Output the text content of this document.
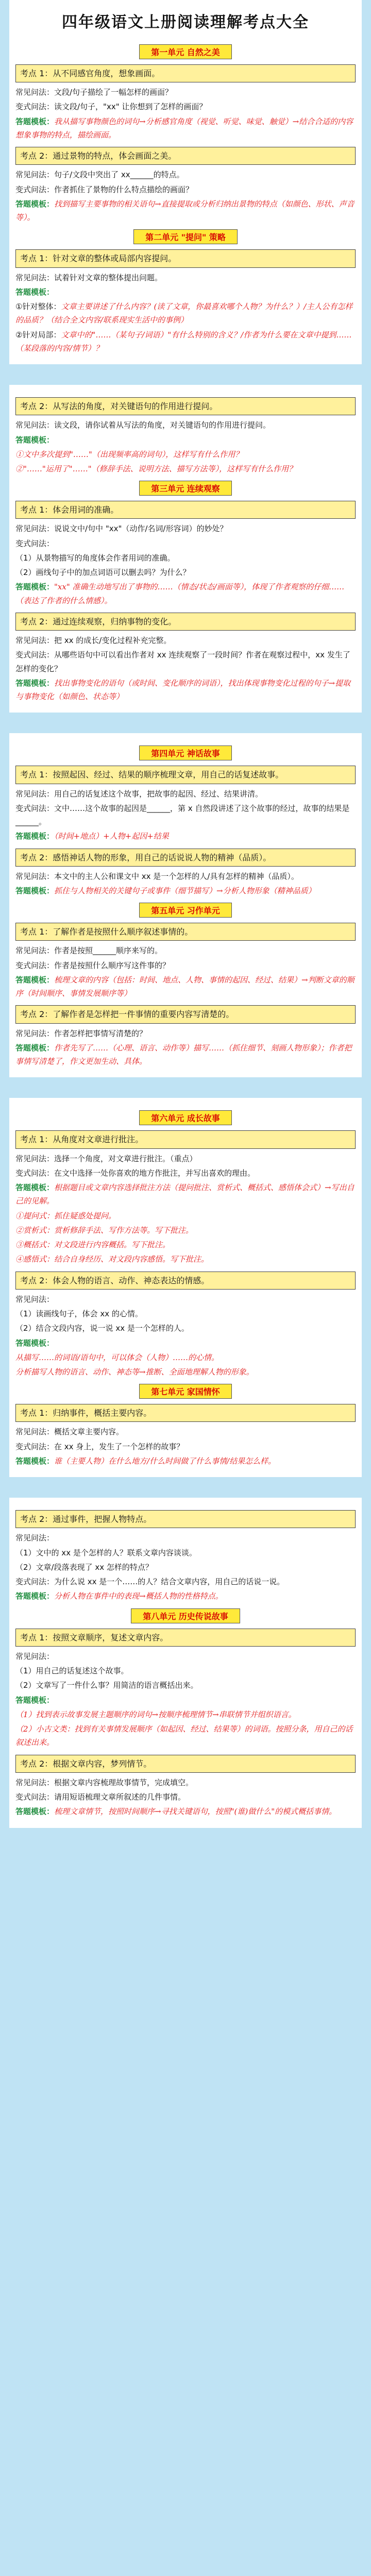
四年级语文上册阅读理解考点大全
第一单元 自然之美
考点 1：从不同感官角度，想象画面。
常见问法：文段/句子描绘了一幅怎样的画面？
变式问法：读文段/句子，"xx" 让你想到了怎样的画面？
答题模板：我从描写事物颜色的词句→分析感官角度（视觉、听觉、味觉、触觉）→结合合适的内容想象事物的特点，描绘画面。
考点 2：通过景物的特点，体会画面之美。
常见问法：句子/文段中突出了 xx______的特点。
变式问法：作者抓住了景物的什么特点描绘的画面？
答题模板：找到描写主要事物的相关语句→直接提取或分析归纳出景物的特点（如颜色、形状、声音等）。
第二单元 "提问" 策略
考点 1：针对文章的整体或局部内容提问。
常见问法：试着针对文章的整体提出问题。
答题模板：
①针对整体：文章主要讲述了什么内容？(读了文章，你最喜欢哪个人物？为什么？）/主人公有怎样的品质？（结合全文内容/联系现实生活中的事例）
②针对局部：文章中的"……（某句子/词语）"有什么特别的含义？/作者为什么要在文章中提到……（某段落的内容/情节）？
考点 2：从写法的角度，对关键语句的作用进行提问。
常见问法：读文段，请你试着从写法的角度，对关键语句的作用进行提问。
答题模板：
①文中多次提到"……"（出现频率高的词句），这样写有什么作用？
②"……"运用了"……"（修辞手法、说明方法、描写方法等），这样写有什么作用？
第三单元 连续观察
考点 1：体会用词的准确。
常见问法：说说文中/句中 "xx"（动作/名词/形容词）的妙处？
变式问法：
（1）从景物描写的角度体会作者用词的准确。
（2）画线句子中的加点词语可以删去吗？为什么？
答题模板："xx" 准确生动地写出了事物的……（情态/状态/画面等），体现了作者观察的仔细……（表达了作者的什么情感）。
考点 2：通过连续观察，归纳事物的变化。
常见问法：把 xx 的成长/变化过程补充完整。
变式问法：从哪些语句中可以看出作者对 xx 连续观察了一段时间？作者在观察过程中，xx 发生了怎样的变化？
答题模板：找出事物变化的语句（或时间、变化顺序的词语），找出体现事物变化过程的句子→提取与事物变化（如颜色、状态等）
第四单元 神话故事
考点 1：按照起因、经过、结果的顺序梳理文章，用自己的话复述故事。
常见问法：用自己的话复述这个故事，把故事的起因、经过、结果讲清。
变式问法：文中……这个故事的起因是______，第 x 自然段讲述了这个故事的经过，故事的结果是______。
答题模板：（时间+地点）+人物+起因+结果
考点 2：感悟神话人物的形象，用自己的话说说人物的精神（品质）。
常见问法：本文中的主人公和课文中 xx 是一个怎样的人/具有怎样的精神（品质）。
答题模板：抓住与人物相关的关键句子或事件（细节描写）→分析人物形象（精神品质）
第五单元 习作单元
考点 1：了解作者是按照什么顺序叙述事情的。
常见问法：作者是按照______顺序来写的。
变式问法：作者是按照什么顺序写这件事的？
答题模板：梳理文章的内容（包括：时间、地点、人物、事情的起因、经过、结果）→判断文章的顺序（时间顺序、事情发展顺序等）
考点 2：了解作者是怎样把一件事情的重要内容写清楚的。
常见问法：作者怎样把事情写清楚的？
答题模板：作者先写了……（心理、语言、动作等）描写……（抓住细节、刻画人物形象）；作者把事情写清楚了，作文更加生动、具体。
第六单元 成长故事
考点 1：从角度对文章进行批注。
常见问法：选择一个角度，对文章进行批注。（重点）
变式问法：在文中选择一处你喜欢的地方作批注，并写出喜欢的理由。
答题模板：根据题目或文章内容选择批注方法（提问批注、赏析式、概括式、感悟体会式）→写出自己的见解。
①提问式：抓住疑惑处提问。
②赏析式：赏析修辞手法、写作方法等。写下批注。
③概括式：对文段进行内容概括。写下批注。
④感悟式：结合自身经历、对文段内容感悟。写下批注。
考点 2：体会人物的语言、动作、神态表达的情感。
常见问法：
（1）读画线句子，体会 xx 的心情。
（2）结合文段内容，说一说 xx 是一个怎样的人。
答题模板：
从描写……的词语/语句中，可以体会（人物）……的心情。
分析描写人物的语言、动作、神态等→推断、全面地理解人物的形象。
第七单元 家国情怀
考点 1：归纳事件，概括主要内容。
常见问法：概括文章主要内容。
变式问法：在 xx 身上，发生了一个怎样的故事？
答题模板：谁（主要人物）在什么地方/什么时间做了什么事情/结果怎么样。
考点 2：通过事件，把握人物特点。
常见问法：
（1）文中的 xx 是个怎样的人？联系文章内容谈谈。
（2）文章/段落表现了 xx 怎样的特点？
变式问法：为什么说 xx 是一个……的人？结合文章内容，用自己的话说一说。
答题模板：分析人物在事件中的表现→概括人物的性格特点。
第八单元 历史传说故事
考点 1：按照文章顺序，复述文章内容。
常见问法：
（1）用自己的话复述这个故事。
（2）文章写了一件什么事？用简洁的语言概括出来。
答题模板：
（1）找到表示故事发展主题顺序的词句→按顺序梳理情节→串联情节并组织语言。
（2）小古文类：找到有关事情发展顺序（如起因、经过、结果等）的词语。按照分条，用自己的话叙述出来。
考点 2：根据文章内容，梦列情节。
常见问法：根据文章内容梳理故事情节，完成填空。
变式问法：请用短语梳理文章所叙述的几件事情。
答题模板：梳理文章情节，按照时间顺序→寻找关键语句，按照"(谁)做什么"的模式概括事情。
